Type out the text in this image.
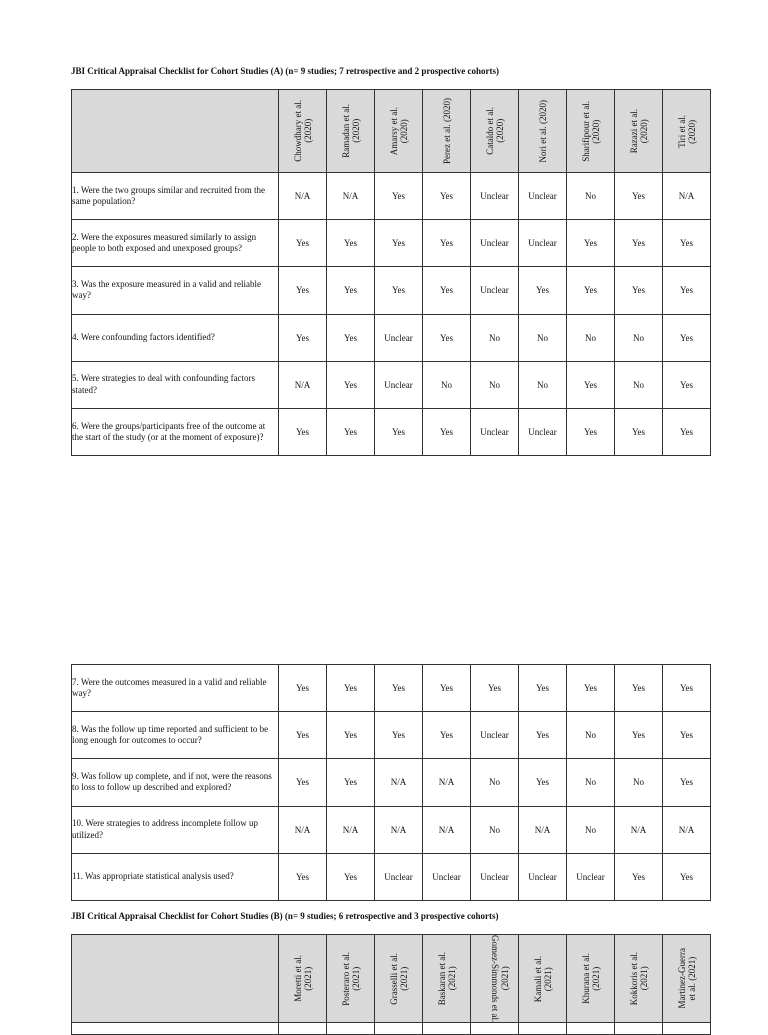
JBI Critical Appraisal Checklist for Cohort Studies (A) (n= 9 studies; 7 retrospective and 2 prospective cohorts)

	Chowdhary et al.
(2020)	Ramadan et al.
(2020)	Amarsy et al.
(2020)	Perez et al. (2020)	Cataldo et al.
(2020)	Nori et al. (2020)	Sharifipour et al.
(2020)	Razazi et al.
(2020)	Tiri et al.
(2020)

1. Were the two groups similar and recruited from the same population?	N/A	N/A	Yes	Yes	Unclear	Unclear	No	Yes	N/A
2. Were the exposures measured similarly to assign people to both exposed and unexposed groups?	Yes	Yes	Yes	Yes	Unclear	Unclear	Yes	Yes	Yes
3. Was the exposure measured in a valid and reliable way?	Yes	Yes	Yes	Yes	Unclear	Yes	Yes	Yes	Yes
4. Were confounding factors identified?	Yes	Yes	Unclear	Yes	No	No	No	No	Yes
5. Were strategies to deal with confounding factors stated?	N/A	Yes	Unclear	No	No	No	Yes	No	Yes
6. Were the groups/participants free of the outcome at the start of the study (or at the moment of exposure)?	Yes	Yes	Yes	Yes	Unclear	Unclear	Yes	Yes	Yes
7. Were the outcomes measured in a valid and reliable way?	Yes	Yes	Yes	Yes	Yes	Yes	Yes	Yes	Yes
8. Was the follow up time reported and sufficient to be long enough for outcomes to occur?	Yes	Yes	Yes	Yes	Unclear	Yes	No	Yes	Yes
9. Was follow up complete, and if not, were the reasons to loss to follow up described and explored?	Yes	Yes	N/A	N/A	No	Yes	No	No	Yes
10. Were strategies to address incomplete follow up utilized?	N/A	N/A	N/A	N/A	No	N/A	No	N/A	N/A
11. Was appropriate statistical analysis used?	Yes	Yes	Unclear	Unclear	Unclear	Unclear	Unclear	Yes	Yes
JBI Critical Appraisal Checklist for Cohort Studies (B) (n= 9 studies; 6 retrospective and 3 prospective cohorts)

	Moretti et al.
(2021)	Posteraro et al.
(2021)	Grasselli et al.
(2021)	Baskaran et al.
(2021)	Gomez-Simmonds et al.
(2021)	Kamali et al.
(2021)	Khurana et al.
(2021)	Kokkoris et al.
(2021)	Martinez-Guerra
et al. (2021)
